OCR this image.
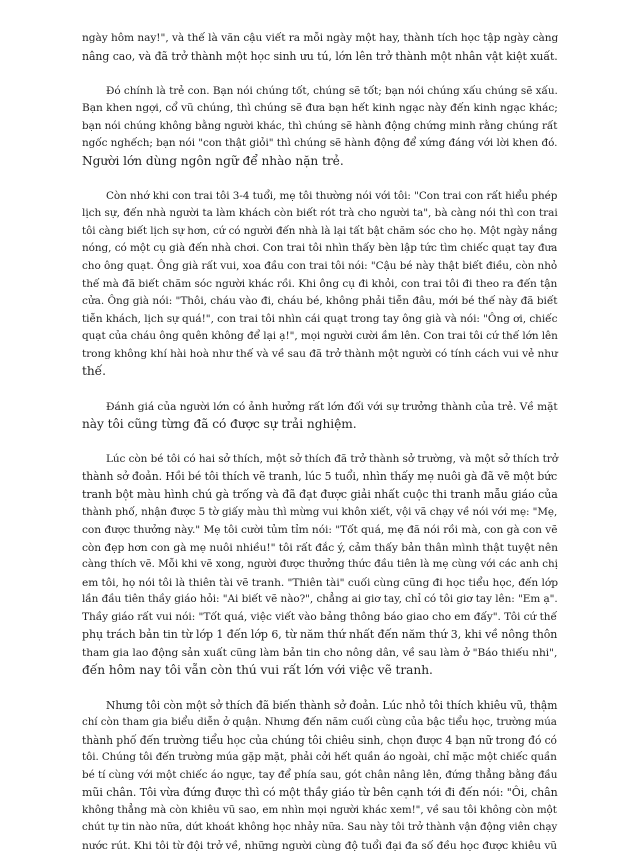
ngày hôm nay!", và thế là văn cậu viết ra mỗi ngày một hay, thành tích học tập ngày càng
nâng cao, và đã trở thành một học sinh ưu tú, lớn lên trở thành một nhân vật kiệt xuất.
Đó chính là trẻ con. Bạn nói chúng tốt, chúng sẽ tốt; bạn nói chúng xấu chúng sẽ xấu.
Bạn khen ngợi, cổ vũ chúng, thì chúng sẽ đưa bạn hết kinh ngạc này đến kinh ngạc khác;
bạn nói chúng không bằng người khác, thì chúng sẽ hành động chứng minh rằng chúng rất
ngốc nghếch; bạn nói "con thật giỏi" thì chúng sẽ hành động để xứng đáng với lời khen đó.
Người lớn dùng ngôn ngữ để nhào nặn trẻ.
Còn nhớ khi con trai tôi 3-4 tuổi, mẹ tôi thường nói với tôi: "Con trai con rất hiểu phép
lịch sự, đến nhà người ta làm khách còn biết rót trà cho người ta", bà càng nói thì con trai
tôi càng biết lịch sự hơn, cứ có người đến nhà là lại tất bật chăm sóc cho họ. Một ngày nắng
nóng, có một cụ già đến nhà chơi. Con trai tôi nhìn thấy bèn lập tức tìm chiếc quạt tay đưa
cho ông quạt. Ông già rất vui, xoa đầu con trai tôi nói: "Cậu bé này thật biết điều, còn nhỏ
thế mà đã biết chăm sóc người khác rồi. Khi ông cụ đi khỏi, con trai tôi đi theo ra đến tận
cửa. Ông già nói: "Thôi, cháu vào đi, cháu bé, không phải tiễn đâu, mới bé thế này đã biết
tiễn khách, lịch sự quá!", con trai tôi nhìn cái quạt trong tay ông già và nói: "Ông ơi, chiếc
quạt của cháu ông quên không để lại ạ!", mọi người cười ầm lên. Con trai tôi cứ thế lớn lên
trong không khí hài hoà như thế và về sau đã trở thành một người có tính cách vui vẻ như
thế.
Đánh giá của người lớn có ảnh hưởng rất lớn đối với sự trưởng thành của trẻ. Về mặt
này tôi cũng từng đã có được sự trải nghiệm.
Lúc còn bé tôi có hai sở thích, một sở thích đã trở thành sở trường, và một sở thích trở
thành sở đoản. Hồi bé tôi thích vẽ tranh, lúc 5 tuổi, nhìn thấy mẹ nuôi gà đã vẽ một bức
tranh bột màu hình chú gà trống và đã đạt được giải nhất cuộc thi tranh mẫu giáo của
thành phố, nhận được 5 tờ giấy màu thì mừng vui khôn xiết, vội vã chạy về nói với mẹ: "Mẹ,
con được thưởng này." Mẹ tôi cười tủm tỉm nói: "Tốt quá, mẹ đã nói rồi mà, con gà con vẽ
còn đẹp hơn con gà mẹ nuôi nhiều!" tôi rất đắc ý, cảm thấy bản thân mình thật tuyệt nên
càng thích vẽ. Mỗi khi vẽ xong, người được thưởng thức đầu tiên là mẹ cùng với các anh chị
em tôi, họ nói tôi là thiên tài vẽ tranh. "Thiên tài" cuối cùng cũng đi học tiểu học, đến lớp
lần đầu tiên thầy giáo hỏi: "Ai biết vẽ nào?", chẳng ai giơ tay, chỉ có tôi giơ tay lên: "Em ạ".
Thầy giáo rất vui nói: "Tốt quá, việc viết vào bảng thông báo giao cho em đấy". Tôi cứ thế
phụ trách bản tin từ lớp 1 đến lớp 6, từ năm thứ nhất đến năm thứ 3, khi về nông thôn
tham gia lao động sản xuất cũng làm bản tin cho nông dân, về sau làm ở "Báo thiếu nhi",
đến hôm nay tôi vẫn còn thú vui rất lớn với việc vẽ tranh.
Nhưng tôi còn một sở thích đã biến thành sở đoản. Lúc nhỏ tôi thích khiêu vũ, thậm
chí còn tham gia biểu diễn ở quận. Nhưng đến năm cuối cùng của bậc tiểu học, trường múa
thành phố đến trường tiểu học của chúng tôi chiêu sinh, chọn được 4 bạn nữ trong đó có
tôi. Chúng tôi đến trường múa gặp mặt, phải cởi hết quần áo ngoài, chỉ mặc một chiếc quần
bé tí cùng với một chiếc áo ngực, tay để phía sau, gót chân nâng lên, đứng thẳng bằng đầu
mũi chân. Tôi vừa đứng được thì có một thầy giáo từ bên cạnh tới đi đến nói: "Ôi, chân
không thẳng mà còn khiêu vũ sao, em nhìn mọi người khác xem!", về sau tôi không còn một
chút tự tin nào nữa, dứt khoát không học nhảy nữa. Sau này tôi trở thành vận động viên chạy
nước rút. Khi tôi từ đội trở về, những người cùng độ tuổi đại đa số đều học được khiêu vũ
